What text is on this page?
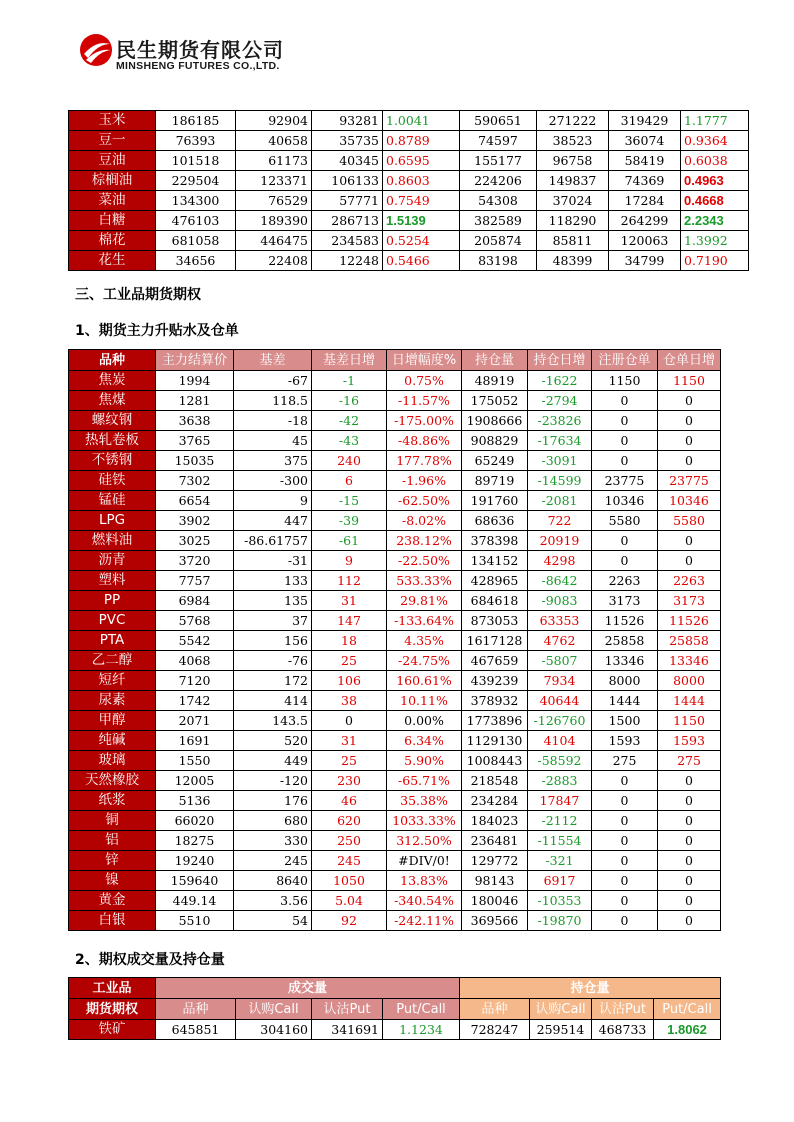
民生期货有限公司
MINSHENG FUTURES CO.,LTD.
玉米	186185	92904	93281	1.0041	590651	271222	319429	1.1777
豆一	76393	40658	35735	0.8789	74597	38523	36074	0.9364
豆油	101518	61173	40345	0.6595	155177	96758	58419	0.6038
棕榈油	229504	123371	106133	0.8603	224206	149837	74369	0.4963
菜油	134300	76529	57771	0.7549	54308	37024	17284	0.4668
白糖	476103	189390	286713	1.5139	382589	118290	264299	2.2343
棉花	681058	446475	234583	0.5254	205874	85811	120063	1.3992
花生	34656	22408	12248	0.5466	83198	48399	34799	0.7190
三、工业品期货期权
1、期货主力升贴水及仓单
品种	主力结算价	基差	基差日增	日增幅度%	持仓量	持仓日增	注册仓单	仓单日增
焦炭	1994	-67	-1	0.75%	48919	-1622	1150	1150
焦煤	1281	118.5	-16	-11.57%	175052	-2794	0	0
螺纹钢	3638	-18	-42	-175.00%	1908666	-23826	0	0
热轧卷板	3765	45	-43	-48.86%	908829	-17634	0	0
不锈钢	15035	375	240	177.78%	65249	-3091	0	0
硅铁	7302	-300	6	-1.96%	89719	-14599	23775	23775
锰硅	6654	9	-15	-62.50%	191760	-2081	10346	10346
LPG	3902	447	-39	-8.02%	68636	722	5580	5580
燃料油	3025	-86.61757	-61	238.12%	378398	20919	0	0
沥青	3720	-31	9	-22.50%	134152	4298	0	0
塑料	7757	133	112	533.33%	428965	-8642	2263	2263
PP	6984	135	31	29.81%	684618	-9083	3173	3173
PVC	5768	37	147	-133.64%	873053	63353	11526	11526
PTA	5542	156	18	4.35%	1617128	4762	25858	25858
乙二醇	4068	-76	25	-24.75%	467659	-5807	13346	13346
短纤	7120	172	106	160.61%	439239	7934	8000	8000
尿素	1742	414	38	10.11%	378932	40644	1444	1444
甲醇	2071	143.5	0	0.00%	1773896	-126760	1500	1150
纯碱	1691	520	31	6.34%	1129130	4104	1593	1593
玻璃	1550	449	25	5.90%	1008443	-58592	275	275
天然橡胶	12005	-120	230	-65.71%	218548	-2883	0	0
纸浆	5136	176	46	35.38%	234284	17847	0	0
铜	66020	680	620	1033.33%	184023	-2112	0	0
铝	18275	330	250	312.50%	236481	-11554	0	0
锌	19240	245	245	#DIV/0!	129772	-321	0	0
镍	159640	8640	1050	13.83%	98143	6917	0	0
黄金	449.14	3.56	5.04	-340.54%	180046	-10353	0	0
白银	5510	54	92	-242.11%	369566	-19870	0	0
2、期权成交量及持仓量
工业品	成交量				持仓量			
期货期权	品种	认购Call	认沽Put	Put/Call	品种	认购Call	认沽Put	Put/Call
铁矿	645851	304160	341691	1.1234	728247	259514	468733	1.8062
